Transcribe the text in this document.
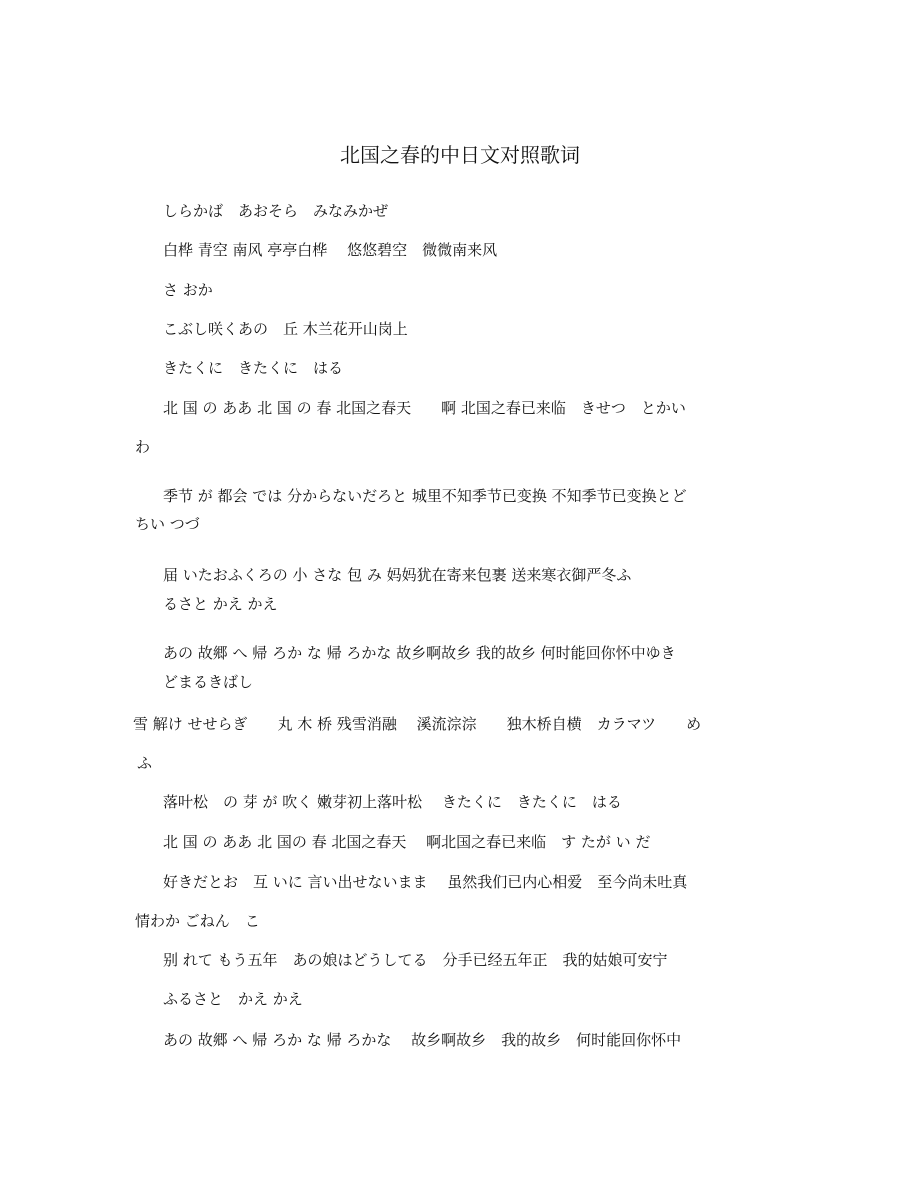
北国之春的中日文对照歌词
しらかば　あおそら　みなみかぜ
白桦 青空 南风 亭亭白桦　 悠悠碧空　微微南来风
さ おか
こぶし咲くあの　丘 木兰花开山岗上
きたくに　きたくに　はる
北 国 の ああ 北 国 の 春 北国之春天　　啊 北国之春已来临　きせつ　とかい
わ
季节 が 都会 では 分からないだろと 城里不知季节已变换 不知季节已变换とど
ちい つづ
届 いたおふくろの 小 さな 包 み 妈妈犹在寄来包裹 送来寒衣御严冬ふ
るさと かえ かえ
あの 故郷 へ 帰 ろか な 帰 ろかな 故乡啊故乡 我的故乡 何时能回你怀中ゆき
どまるきばし
雪 解け せせらぎ　　丸 木 桥 残雪消融　 溪流淙淙　　独木桥自横　カラマツ　　め
ふ
落叶松　の 芽 が 吹く 嫩芽初上落叶松　 きたくに　きたくに　はる
北 国 の ああ 北 国の 春 北国之春天　 啊北国之春已来临　す たが い だ
好きだとお　互 いに 言い出せないまま　 虽然我们已内心相爱　至今尚未吐真
情わか ごねん　こ
别 れて もう五年　あの娘はどうしてる　分手已经五年正　我的姑娘可安宁
ふるさと　かえ かえ
あの 故郷 へ 帰 ろか な 帰 ろかな　 故乡啊故乡　我的故乡　何时能回你怀中
